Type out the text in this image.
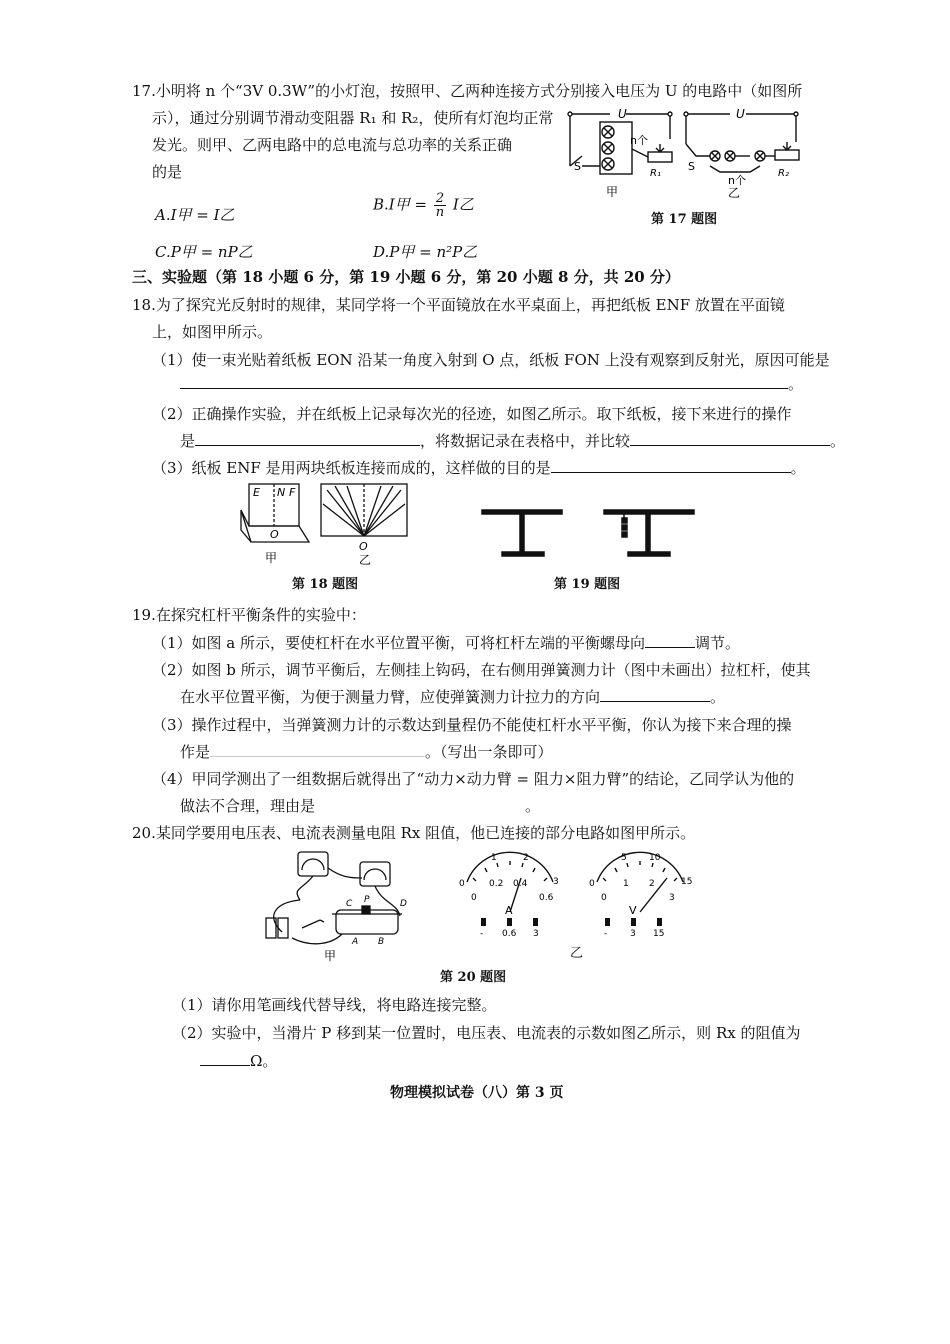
17.小明将 n 个“3V 0.3W”的小灯泡，按照甲、乙两种连接方式分别接入电压为 U 的电路中（如图所
示），通过分别调节滑动变阻器 R₁ 和 R₂，使所有灯泡均正常
发光。则甲、乙两电路中的总电流与总功率的关系正确
的是
A.I甲 = I乙
B.I甲 = $\frac{2}{n}$ I乙
C.P甲 = nP乙	D.P甲 = n²P乙
U	U
S	S
R₁	R₂
n个
n个
甲	乙
第 17 题图
三、实验题（第 18 小题 6 分，第 19 小题 6 分，第 20 小题 8 分，共 20 分）
18.为了探究光反射时的规律，某同学将一个平面镜放在水平桌面上，再把纸板 ENF 放置在平面镜
上，如图甲所示。
（1）使一束光贴着纸板 EON 沿某一角度入射到 O 点，纸板 FON 上没有观察到反射光，原因可能是
。
（2）正确操作实验，并在纸板上记录每次光的径迹，如图乙所示。取下纸板，接下来进行的操作
是	，将数据记录在表格中，并比较	。
（3）纸板 ENF 是用两块纸板连接而成的，这样做的目的是	。
E N F
O
O
甲	乙
第 18 题图	第 19 题图
19.在探究杠杆平衡条件的实验中：
（1）如图 a 所示，要使杠杆在水平位置平衡，可将杠杆左端的平衡螺母向	调节。
（2）如图 b 所示，调节平衡后，左侧挂上钩码，在右侧用弹簧测力计（图中未画出）拉杠杆，使其
在水平位置平衡，为便于测量力臂，应使弹簧测力计拉力的方向	。
（3）操作过程中，当弹簧测力计的示数达到量程仍不能使杠杆水平平衡，你认为接下来合理的操
作是	。（写出一条即可）
（4）甲同学测出了一组数据后就得出了“动力×动力臂 = 阻力×阻力臂”的结论，乙同学认为他的
做法不合理，理由是	。
20.某同学要用电压表、电流表测量电阻 Rx 阻值，他已连接的部分电路如图甲所示。
C P	D
A B
甲
0
1	2
3
0
0.2 0.4
0.6
A
- 0.6 3
0
5 10
15
0
1 2
3
V
-	3 15
乙
第 20 题图
（1）请你用笔画线代替导线，将电路连接完整。
（2）实验中，当滑片 P 移到某一位置时，电压表、电流表的示数如图乙所示，则 Rx 的阻值为
Ω。
物理模拟试卷（八）第 3 页
